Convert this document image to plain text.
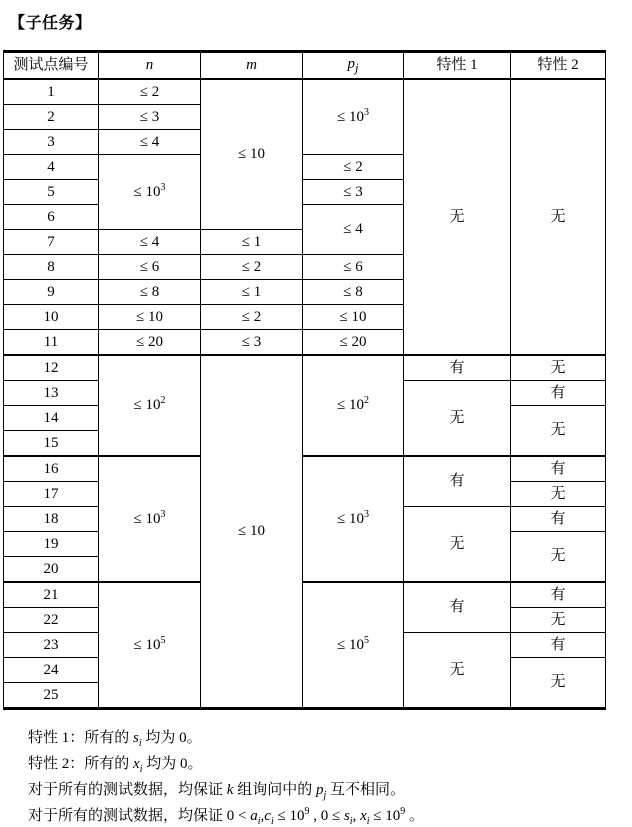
【子任务】
测试点编号	n	m	$p_j$	特性 1	特性 2
1	≤ 2	≤ 10	≤ $10^3$	无	无
2	≤ 3				
3	≤ 4				
4	≤ $10^3$		≤ 2		
5			≤ 3		
6			≤ 4		
7	≤ 4	≤ 1			
8	≤ 6	≤ 2	≤ 6		
9	≤ 8	≤ 1	≤ 8		
10	≤ 10	≤ 2	≤ 10		
11	≤ 20	≤ 3	≤ 20		
12	≤ $10^2$	≤ 10	≤ $10^2$	有	无
13				无	有
14					无
15					
16	≤ $10^3$		≤ $10^3$	有	有
17					无
18				无	有
19					无
20					
21	≤ $10^5$		≤ $10^5$	有	有
22					无
23				无	有
24					无
25					
特性 1：所有的 $s_i$ 均为 0。
特性 2：所有的 $x_i$ 均为 0。
对于所有的测试数据，均保证 k 组询问中的 $p_j$ 互不相同。
对于所有的测试数据，均保证 $0 < a_i,c_i \le 10^9$ , $0 \le s_i$, $x_i \le 10^9$ 。
